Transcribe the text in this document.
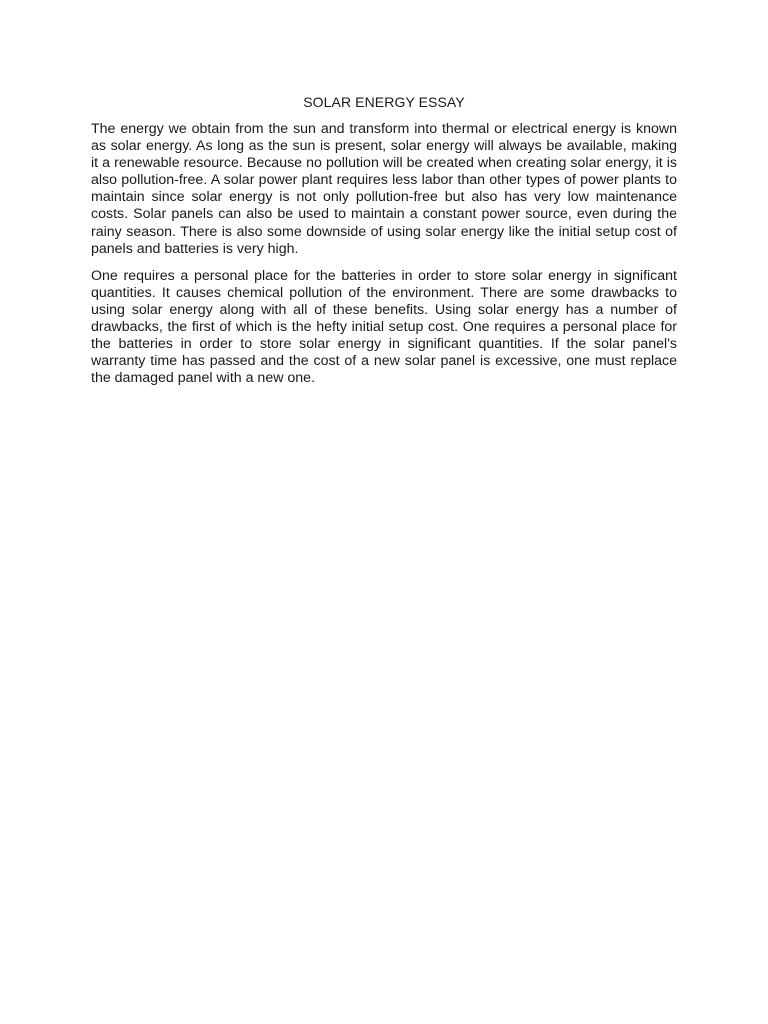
SOLAR ENERGY ESSAY

The energy we obtain from the sun and transform into thermal or electrical energy is known as solar energy. As long as the sun is present, solar energy will always be available, making it a renewable resource. Because no pollution will be created when creating solar energy, it is also pollution-free. A solar power plant requires less labor than other types of power plants to maintain since solar energy is not only pollution-free but also has very low maintenance costs. Solar panels can also be used to maintain a constant power source, even during the rainy season. There is also some downside of using solar energy like the initial setup cost of panels and batteries is very high.

One requires a personal place for the batteries in order to store solar energy in significant quantities. It causes chemical pollution of the environment. There are some drawbacks to using solar energy along with all of these benefits. Using solar energy has a number of drawbacks, the first of which is the hefty initial setup cost. One requires a personal place for the batteries in order to store solar energy in significant quantities. If the solar panel's warranty time has passed and the cost of a new solar panel is excessive, one must replace the damaged panel with a new one.
